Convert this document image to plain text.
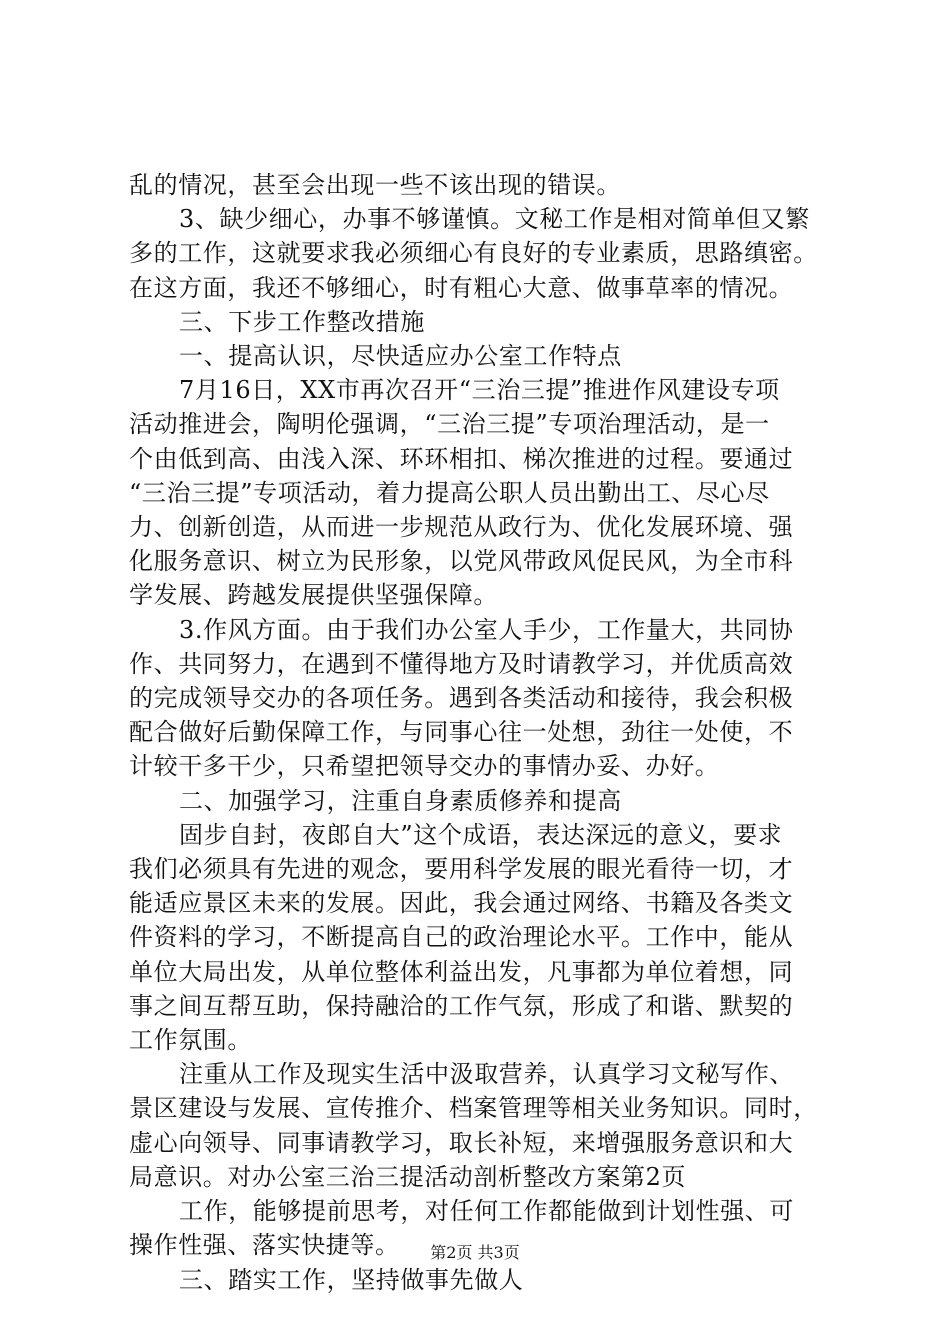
乱的情况，甚至会出现一些不该出现的错误。
3、缺少细心，办事不够谨慎。文秘工作是相对简单但又繁
多的工作，这就要求我必须细心有良好的专业素质，思路缜密。
在这方面，我还不够细心，时有粗心大意、做事草率的情况。
三、下步工作整改措施
一、提高认识，尽快适应办公室工作特点
7月16日，XX市再次召开“三治三提”推进作风建设专项
活动推进会，陶明伦强调，“三治三提”专项治理活动，是一
个由低到高、由浅入深、环环相扣、梯次推进的过程。要通过
“三治三提”专项活动，着力提高公职人员出勤出工、尽心尽
力、创新创造，从而进一步规范从政行为、优化发展环境、强
化服务意识、树立为民形象，以党风带政风促民风，为全市科
学发展、跨越发展提供坚强保障。
3.作风方面。由于我们办公室人手少，工作量大，共同协
作、共同努力，在遇到不懂得地方及时请教学习，并优质高效
的完成领导交办的各项任务。遇到各类活动和接待，我会积极
配合做好后勤保障工作，与同事心往一处想，劲往一处使，不
计较干多干少，只希望把领导交办的事情办妥、办好。
二、加强学习，注重自身素质修养和提高
固步自封，夜郎自大”这个成语，表达深远的意义，要求
我们必须具有先进的观念，要用科学发展的眼光看待一切，才
能适应景区未来的发展。因此，我会通过网络、书籍及各类文
件资料的学习，不断提高自己的政治理论水平。工作中，能从
单位大局出发，从单位整体利益出发，凡事都为单位着想，同
事之间互帮互助，保持融洽的工作气氛，形成了和谐、默契的
工作氛围。
注重从工作及现实生活中汲取营养，认真学习文秘写作、
景区建设与发展、宣传推介、档案管理等相关业务知识。同时，
虚心向领导、同事请教学习，取长补短，来增强服务意识和大
局意识。对办公室三治三提活动剖析整改方案第2页
工作，能够提前思考，对任何工作都能做到计划性强、可
操作性强、落实快捷等。
三、踏实工作，坚持做事先做人
第2页 共3页
